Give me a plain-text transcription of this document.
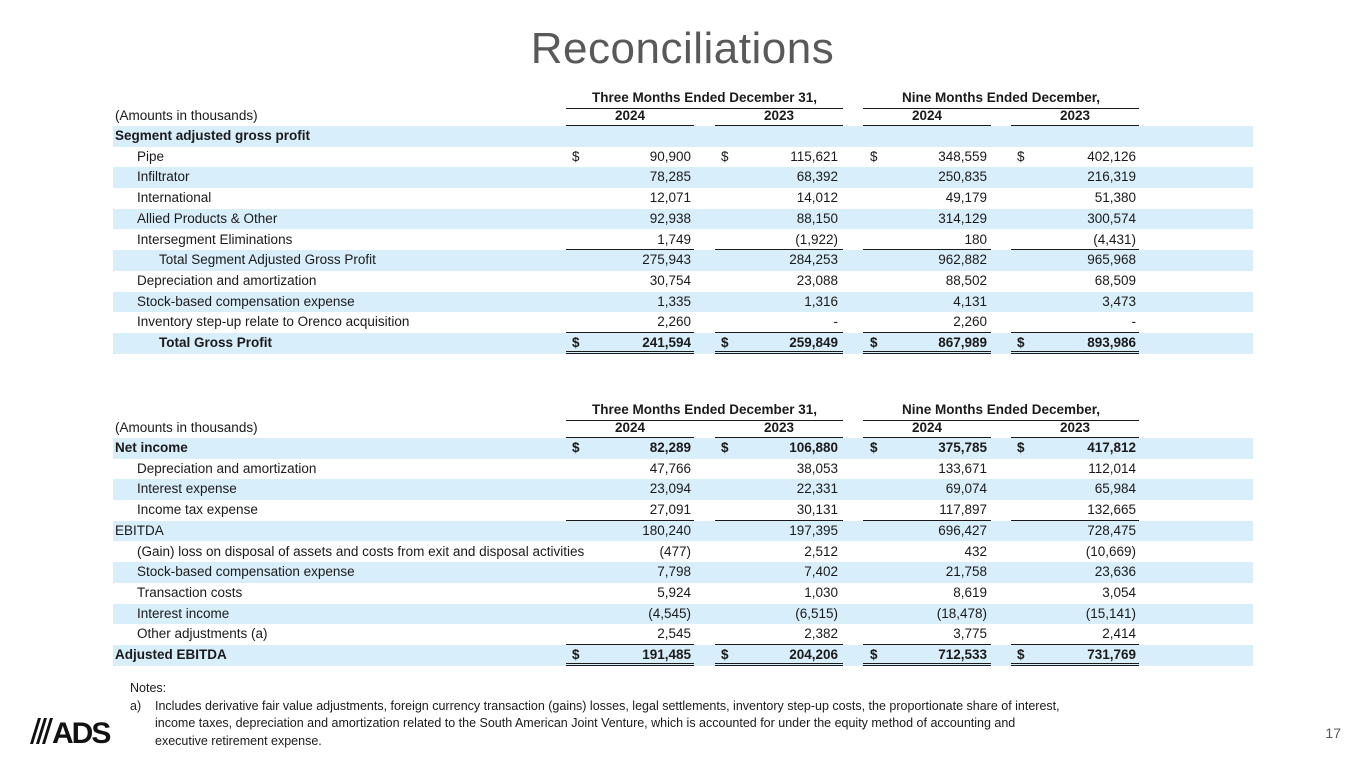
Reconciliations
Three Months Ended December 31,	Nine Months Ended December,
(Amounts in thousands)	2024	2023	2024	2023
Segment adjusted gross profit
Pipe	$	90,900 $	115,621 $	348,559 $	402,126
Infiltrator	78,285	68,392	250,835	216,319
International	12,071	14,012	49,179	51,380
Allied Products & Other	92,938	88,150	314,129	300,574
Intersegment Eliminations	1,749	(1,922)	180	(4,431)
Total Segment Adjusted Gross Profit	275,943	284,253	962,882	965,968
Depreciation and amortization	30,754	23,088	88,502	68,509
Stock-based compensation expense	1,335	1,316	4,131	3,473
Inventory step-up relate to Orenco acquisition	2,260	-	2,260	-
Total Gross Profit	$	241,594 $	259,849 $	867,989 $	893,986
Three Months Ended December 31,	Nine Months Ended December,
(Amounts in thousands)	2024	2023	2024	2023
Net income	$	82,289 $	106,880 $	375,785 $	417,812
Depreciation and amortization	47,766	38,053	133,671	112,014
Interest expense	23,094	22,331	69,074	65,984
Income tax expense	27,091	30,131	117,897	132,665
EBITDA	180,240	197,395	696,427	728,475
(Gain) loss on disposal of assets and costs from exit and disposal activities	(477)	2,512	432	(10,669)
Stock-based compensation expense	7,798	7,402	21,758	23,636
Transaction costs	5,924	1,030	8,619	3,054
Interest income	(4,545)	(6,515)	(18,478)	(15,141)
Other adjustments (a)	2,545	2,382	3,775	2,414
Adjusted EBITDA	$	191,485 $	204,206 $	712,533 $	731,769
Notes:
a)	Includes derivative fair value adjustments, foreign currency transaction (gains) losses, legal settlements, inventory step-up costs, the proportionate share of interest,
income taxes, depreciation and amortization related to the South American Joint Venture, which is accounted for under the equity method of accounting and
executive retirement expense.
ADS	17
